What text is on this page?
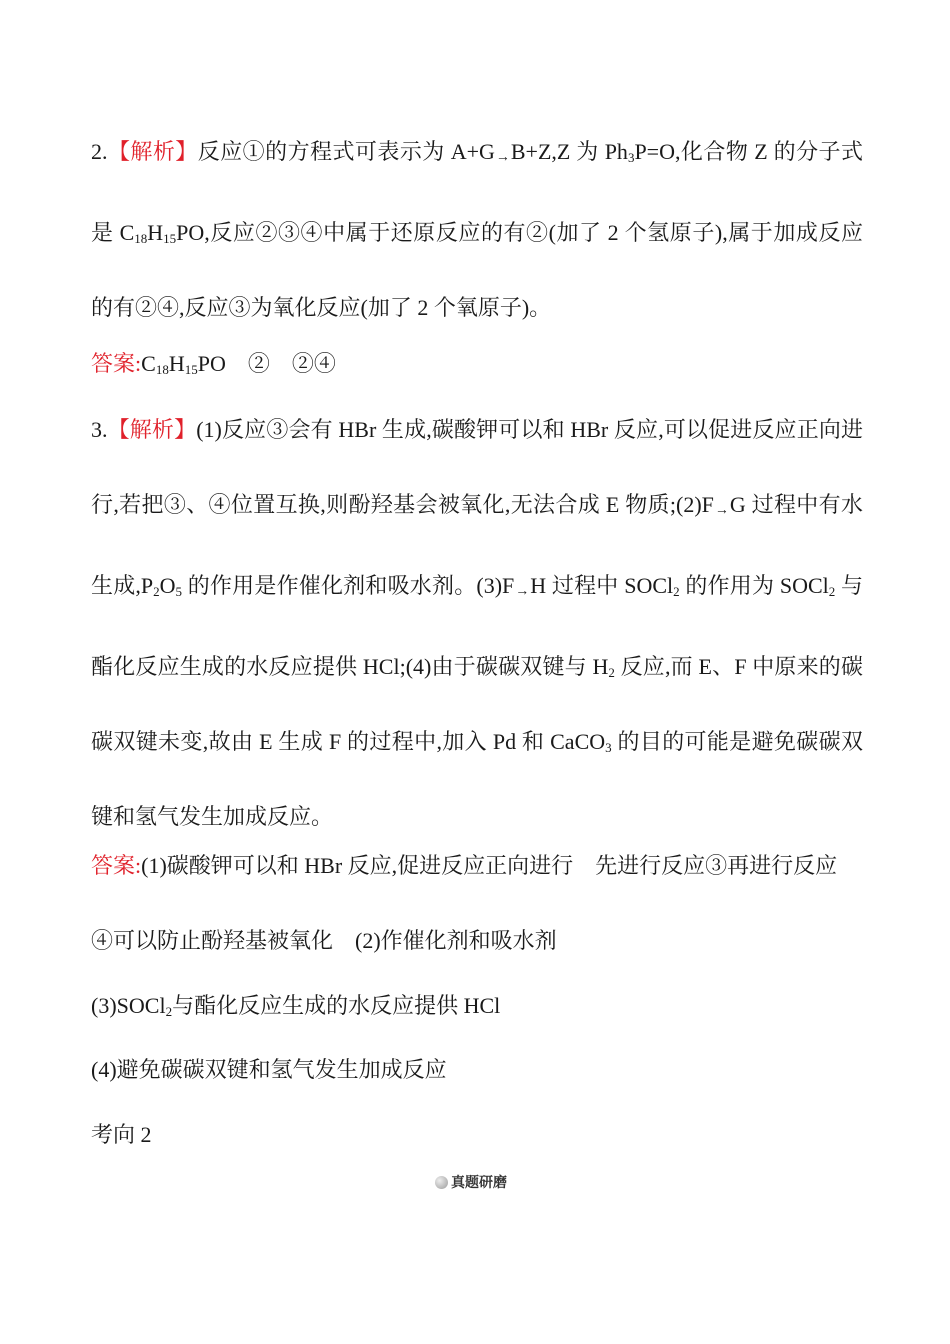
2.【解析】反应①的方程式可表示为 A+G→B+Z,Z 为 $Ph_3P=O$,化合物 Z 的分子式是 $C_{18}H_{15}PO$,反应②③④中属于还原反应的有②(加了 2 个氢原子),属于加成反应的有②④,反应③为氧化反应(加了 2 个氧原子)。

答案$:C_{18}H_{15}PO$　②　②④

3.【解析】(1)反应③会有 HBr 生成,碳酸钾可以和 HBr 反应,可以促进反应正向进行,若把③、④位置互换,则酚羟基会被氧化,无法合成 E 物质;(2)F→G 过程中有水生成$,P_2O_5$ 的作用是作催化剂和吸水剂。(3)F→H 过程中 SOCl$_2$ 的作用为 SOCl$_2$ 与酯化反应生成的水反应提供 HCl;(4)由于碳碳双键与 $H_2$ 反应,而 E、F 中原来的碳碳双键未变,故由 E 生成 F 的过程中,加入 Pd 和 CaCO$_3$ 的目的可能是避免碳碳双键和氢气发生加成反应。

答案:(1)碳酸钾可以和 HBr 反应,促进反应正向进行　先进行反应③再进行反应
④可以防止酚羟基被氧化　(2)作催化剂和吸水剂
(3)SOCl$_2$与酯化反应生成的水反应提供 HCl
(4)避免碳碳双键和氢气发生加成反应
考向 2
真题研磨
